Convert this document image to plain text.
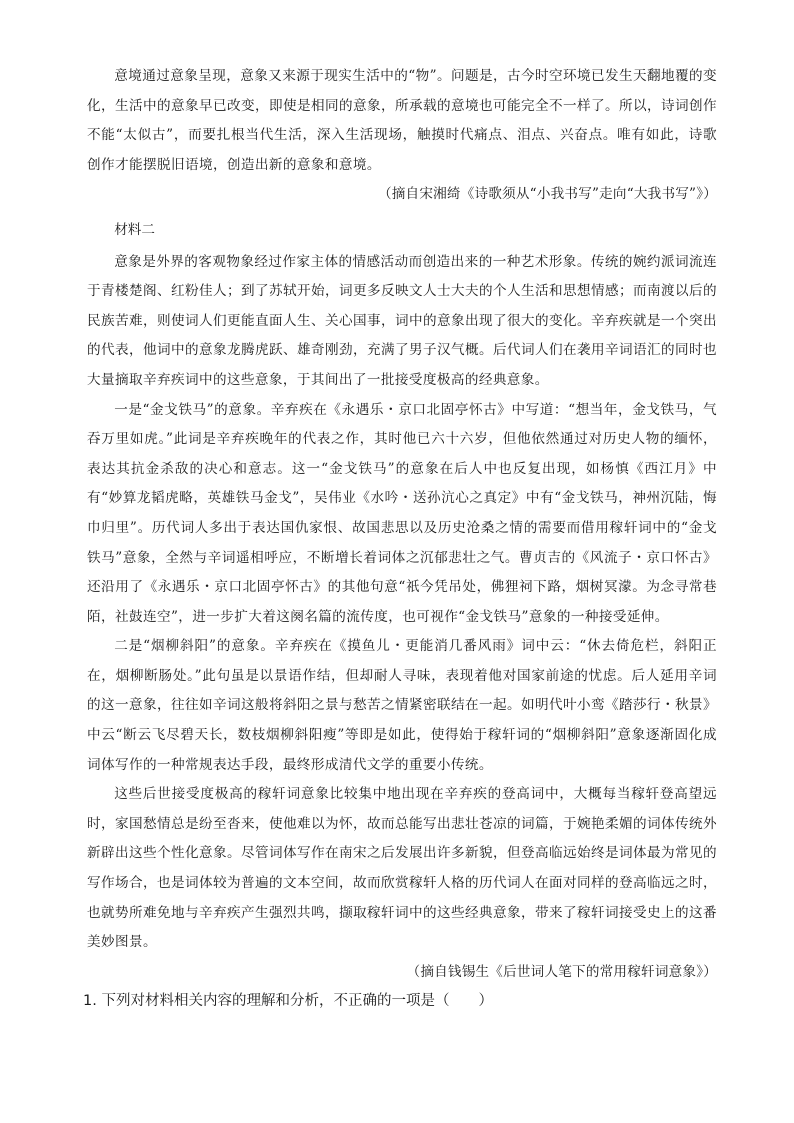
意境通过意象呈现，意象又来源于现实生活中的“物”。问题是，古今时空环境已发生天翻地覆的变化，生活中的意象早已改变，即使是相同的意象，所承载的意境也可能完全不一样了。所以，诗词创作不能“太似古”，而要扎根当代生活，深入生活现场，触摸时代痛点、泪点、兴奋点。唯有如此，诗歌创作才能摆脱旧语境，创造出新的意象和意境。

（摘自宋湘绮《诗歌须从“小我书写”走向“大我书写”》）

材料二

意象是外界的客观物象经过作家主体的情感活动而创造出来的一种艺术形象。传统的婉约派词流连于青楼楚阁、红粉佳人；到了苏轼开始，词更多反映文人士大夫的个人生活和思想情感；而南渡以后的民族苦难，则使词人们更能直面人生、关心国事，词中的意象出现了很大的变化。辛弃疾就是一个突出的代表，他词中的意象龙腾虎跃、雄奇刚劲，充满了男子汉气概。后代词人们在袭用辛词语汇的同时也大量摘取辛弃疾词中的这些意象，于其间出了一批接受度极高的经典意象。

一是“金戈铁马”的意象。辛弃疾在《永遇乐・京口北固亭怀古》中写道：“想当年，金戈铁马，气吞万里如虎。”此词是辛弃疾晚年的代表之作，其时他已六十六岁，但他依然通过对历史人物的缅怀，表达其抗金杀敌的决心和意志。这一“金戈铁马”的意象在后人中也反复出现，如杨慎《西江月》中有“妙算龙韬虎略，英雄铁马金戈”，吴伟业《水吟・送孙沆心之真定》中有“金戈铁马，神州沉陆，悔巾归里”。历代词人多出于表达国仇家恨、故国悲思以及历史沧桑之情的需要而借用稼轩词中的“金戈铁马”意象，全然与辛词遥相呼应，不断增长着词体之沉郁悲壮之气。曹贞吉的《风流子・京口怀古》还沿用了《永遇乐・京口北固亭怀古》的其他句意“祇今凭吊处，佛狸祠下路，烟树冥濛。为念寻常巷陌，社鼓连空”，进一步扩大着这阕名篇的流传度，也可视作“金戈铁马”意象的一种接受延伸。

二是“烟柳斜阳”的意象。辛弃疾在《摸鱼儿・更能消几番风雨》词中云：“休去倚危栏，斜阳正在，烟柳断肠处。”此句虽是以景语作结，但却耐人寻味，表现着他对国家前途的忧虑。后人延用辛词的这一意象，往往如辛词这般将斜阳之景与愁苦之情紧密联结在一起。如明代叶小鸾《踏莎行・秋景》中云“断云飞尽碧天长，数枝烟柳斜阳瘦”等即是如此，使得始于稼轩词的“烟柳斜阳”意象逐渐固化成词体写作的一种常规表达手段，最终形成清代文学的重要小传统。

这些后世接受度极高的稼轩词意象比较集中地出现在辛弃疾的登高词中，大概每当稼轩登高望远时，家国愁情总是纷至沓来，使他难以为怀，故而总能写出悲壮苍凉的词篇，于婉艳柔媚的词体传统外新辟出这些个性化意象。尽管词体写作在南宋之后发展出许多新貌，但登高临远始终是词体最为常见的写作场合，也是词体较为普遍的文本空间，故而欣赏稼轩人格的历代词人在面对同样的登高临远之时，也就势所难免地与辛弃疾产生强烈共鸣，撷取稼轩词中的这些经典意象，带来了稼轩词接受史上的这番美妙图景。

（摘自钱锡生《后世词人笔下的常用稼轩词意象》）

1. 下列对材料相关内容的理解和分析，不正确的一项是（　　）
